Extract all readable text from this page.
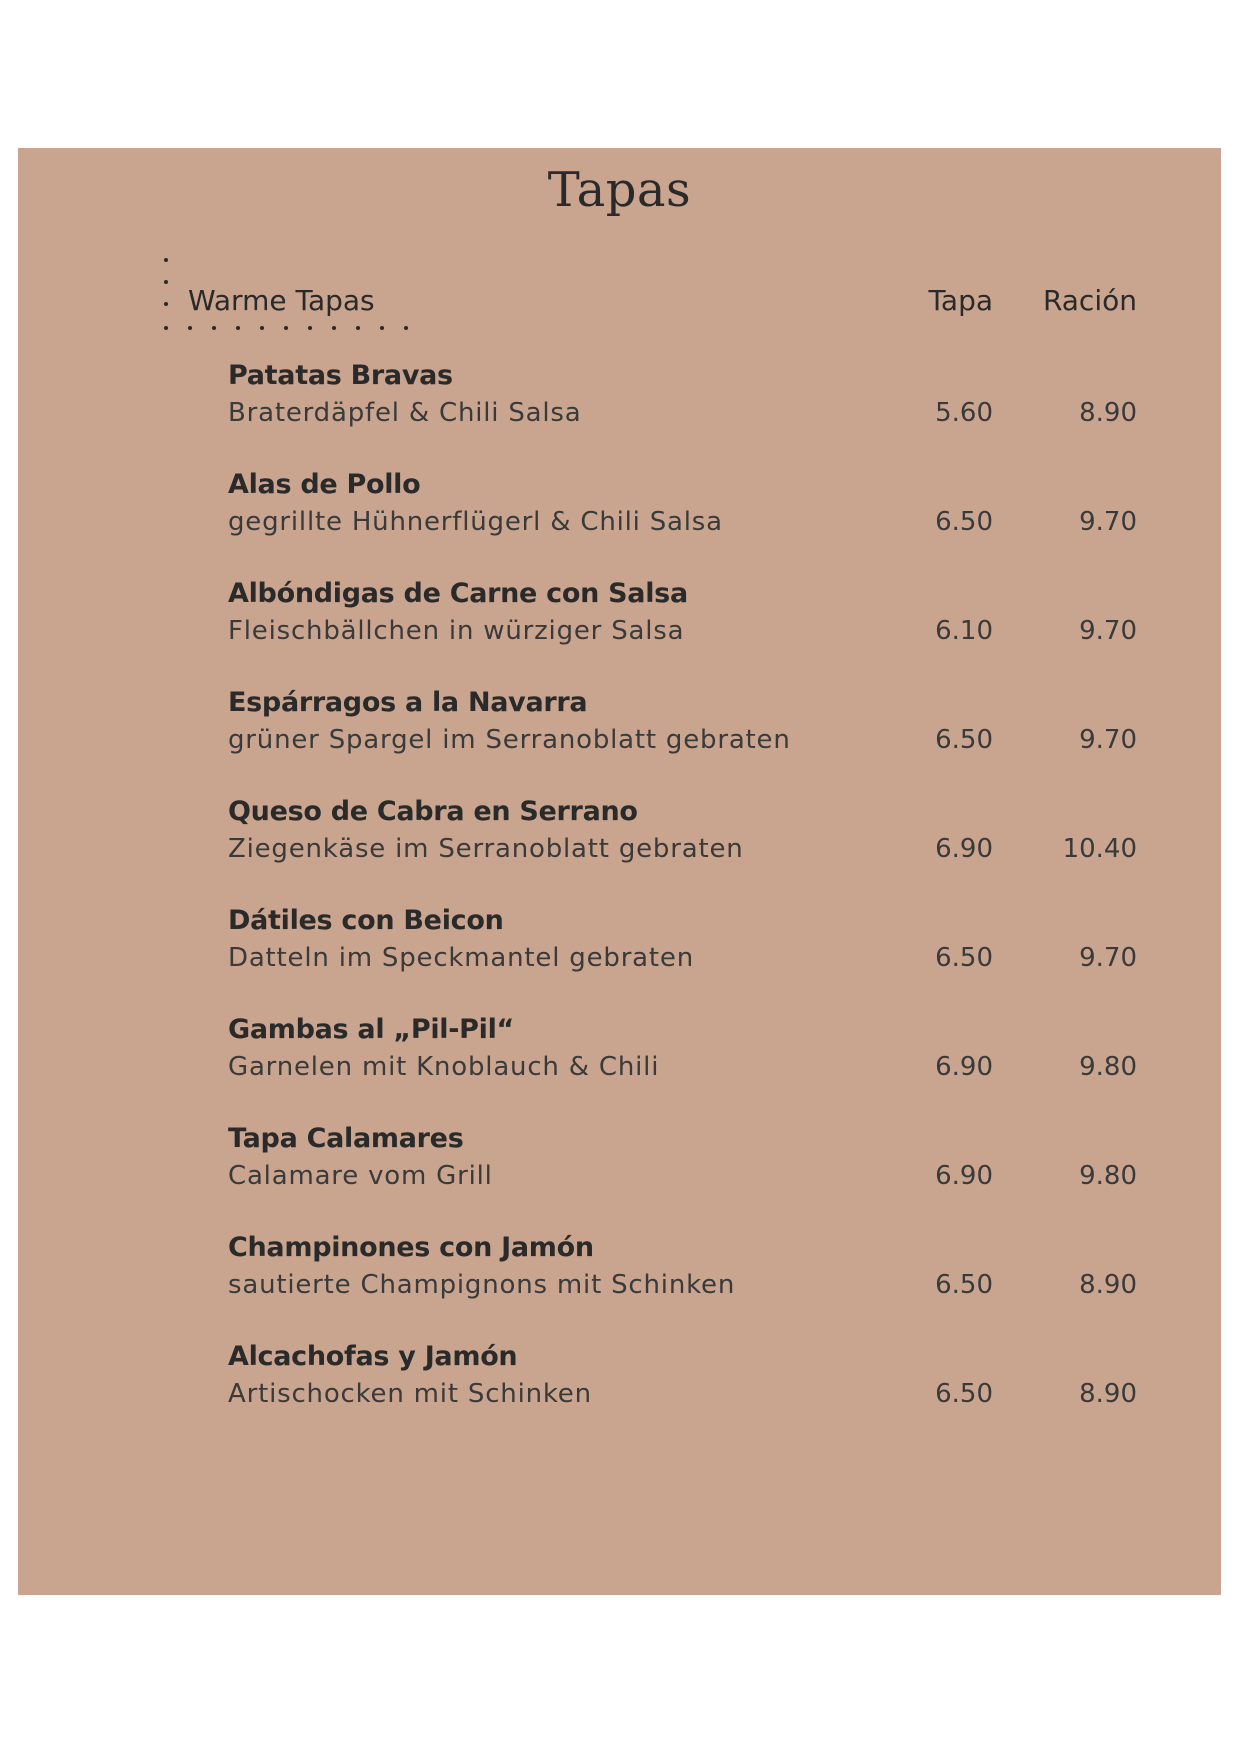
Tapas
Warme Tapas	Tapa Ración
Patatas Bravas
Braterdäpfel & Chili Salsa	5.60	8.90
Alas de Pollo
gegrillte Hühnerflügerl & Chili Salsa	6.50	9.70
Albóndigas de Carne con Salsa
Fleischbällchen in würziger Salsa	6.10	9.70
Espárragos a la Navarra
grüner Spargel im Serranoblatt gebraten	6.50	9.70
Queso de Cabra en Serrano
Ziegenkäse im Serranoblatt gebraten	6.90	10.40
Dátiles con Beicon
Datteln im Speckmantel gebraten	6.50	9.70
Gambas al „Pil-Pil“
Garnelen mit Knoblauch & Chili	6.90	9.80
Tapa Calamares
Calamare vom Grill	6.90	9.80
Champinones con Jamón
sautierte Champignons mit Schinken	6.50	8.90
Alcachofas y Jamón
Artischocken mit Schinken	6.50	8.90
